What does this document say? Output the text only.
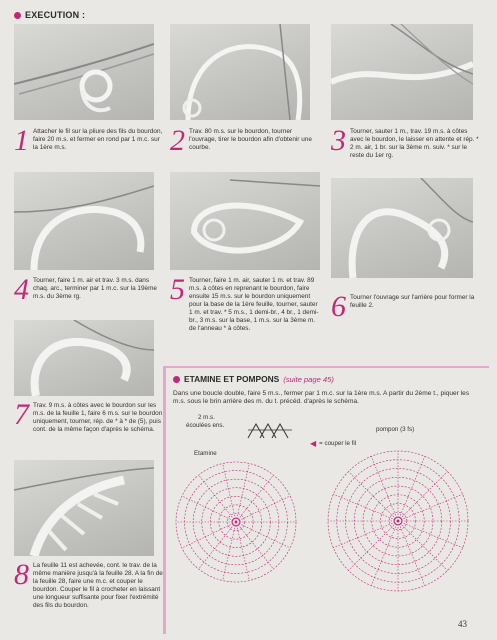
EXECUTION :
1 Attacher le fil sur la pliure des fils du bourdon, faire 20 m.s. et fermer en rond par 1 m.c. sur la 1ère m.s.	2 Trav. 80 m.s. sur le bourdon, tourner l'ouvrage, tirer le bourdon afin d'obtenir une courbe.	3 Tourner, sauter 1 m., trav. 19 m.s. à côtes avec le bourdon, le laisser en attente et rép. * 2 m. air, 1 br. sur la 3ème m. suiv. * sur le reste du 1er rg.
4 Tourner, faire 1 m. air et trav. 3 m.s. dans chaq. arc., terminer par 1 m.c. sur la 19ème m.s. du 3ème rg.	5 Tourner, faire 1 m. air, sauter 1 m. et trav. 89 m.s. à côtes en reprenant le bourdon, faire ensuite 15 m.s. sur le bourdon uniquement pour la base de la 1ère feuille, tourner, sauter 1 m. et trav. * 5 m.s., 1 demi-br., 4 br., 1 demi-br., 3 m.s. sur la base, 1 m.s. sur la 3ème m. de l'anneau * à côtes.
6 Tourner l'ouvrage sur l'arrière pour former la feuille 2.
7 Trav. 9 m.s. à côtes avec le bourdon sur les m.s. de la feuille 1, faire 6 m.s. sur le bourdon uniquement, tourner, rép. de * à * de (5), puis cont. de la même façon d'après le schéma.
8 La feuille 11 est achevée, cont. le trav. de la même manière jusqu'à la feuille 28. A la fin de la feuille 28, faire une m.c. et couper le bourdon. Couper le fil à crocheter en laissant une longueur suffisante pour fixer l'extrémité des fils du bourdon.
ETAMINE ET POMPONS (suite page 45)
Dans une boucle double, faire 5 m.s., fermer par 1 m.c. sur la 1ère m.s. A partir du 2ème t., piquer les m.s. sous le brin arrière des m. du t. précéd. d'après le schéma.
2 m.s.
écoulées ens.
Etamine
pompon (3 fs)
◀ = couper le fil
43
